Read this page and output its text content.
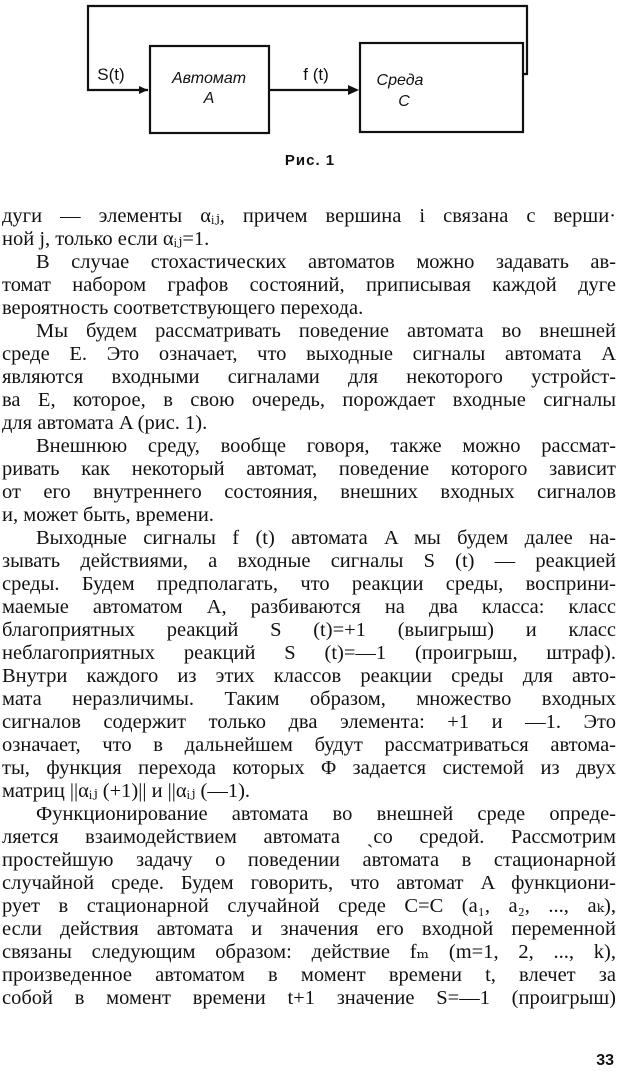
S(t)	f (t)
Автомат
A
Среда
C
Рис. 1
дуги — элементы αᵢⱼ, причем вершина i связана с верши·
ной j, только если αᵢⱼ=1.
В случае стохастических автоматов можно задавать ав-
томат набором графов состояний, приписывая каждой дуге
вероятность соответствующего перехода.
Мы будем рассматривать поведение автомата во внешней
среде E. Это означает, что выходные сигналы автомата A
являются входными сигналами для некоторого устройст-
ва E, которое, в свою очередь, порождает входные сигналы
для автомата A (рис. 1).
Внешнюю среду, вообще говоря, также можно рассмат-
ривать как некоторый автомат, поведение которого зависит
от его внутреннего состояния, внешних входных сигналов
и, может быть, времени.
Выходные сигналы f (t) автомата A мы будем далее на-
зывать действиями, а входные сигналы S (t) — реакцией
среды. Будем предполагать, что реакции среды, восприни-
маемые автоматом A, разбиваются на два класса: класс
благоприятных реакций S (t)=+1 (выигрыш) и класс
неблагоприятных реакций S (t)=—1 (проигрыш, штраф).
Внутри каждого из этих классов реакции среды для авто-
мата неразличимы. Таким образом, множество входных
сигналов содержит только два элемента: +1 и —1. Это
означает, что в дальнейшем будут рассматриваться автома-
ты, функция перехода которых Φ задается системой из двух
матриц ||αᵢⱼ (+1)|| и ||αᵢⱼ (—1).
Функционирование автомата во внешней среде опреде-
ляется взаимодействием автомата ˏсо средой. Рассмотрим
простейшую задачу о поведении автомата в стационарной
случайной среде. Будем говорить, что автомат A функциони-
рует в стационарной случайной среде C=C (a₁, a₂, ..., aₖ),
если действия автомата и значения его входной переменной
связаны следующим образом: действие fₘ (m=1, 2, ..., k),
произведенное автоматом в момент времени t, влечет за
собой в момент времени t+1 значение S=—1 (проигрыш)
33
